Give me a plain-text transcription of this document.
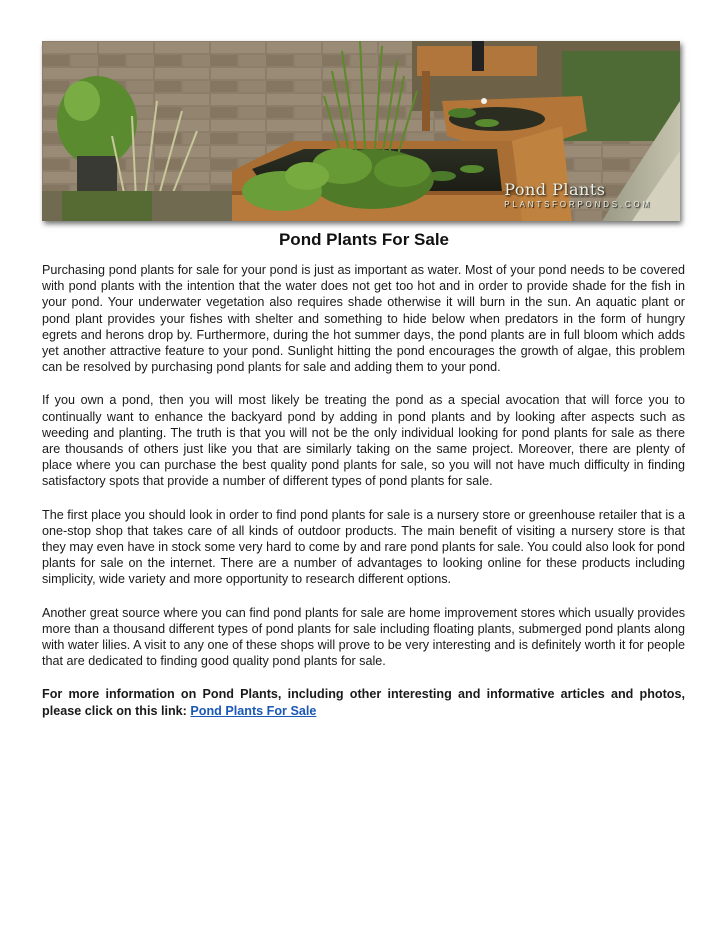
Pond Plants
PLANTSFORPONDS.COM
Pond Plants For Sale

Purchasing pond plants for sale for your pond is just as important as water. Most of your pond needs to be covered with pond plants with the intention that the water does not get too hot and in order to provide shade for the fish in your pond. Your underwater vegetation also requires shade otherwise it will burn in the sun. An aquatic plant or pond plant provides your fishes with shelter and something to hide below when predators in the form of hungry egrets and herons drop by. Furthermore, during the hot summer days, the pond plants are in full bloom which adds yet another attractive feature to your pond. Sunlight hitting the pond encourages the growth of algae, this problem can be resolved by purchasing pond plants for sale and adding them to your pond.

If you own a pond, then you will most likely be treating the pond as a special avocation that will force you to continually want to enhance the backyard pond by adding in pond plants and by looking after aspects such as weeding and planting. The truth is that you will not be the only individual looking for pond plants for sale as there are thousands of others just like you that are similarly taking on the same project. Moreover, there are plenty of place where you can purchase the best quality pond plants for sale, so you will not have much difficulty in finding satisfactory spots that provide a number of different types of pond plants for sale.

The first place you should look in order to find pond plants for sale is a nursery store or greenhouse retailer that is a one-stop shop that takes care of all kinds of outdoor products. The main benefit of visiting a nursery store is that they may even have in stock some very hard to come by and rare pond plants for sale. You could also look for pond plants for sale on the internet. There are a number of advantages to looking online for these products including simplicity, wide variety and more opportunity to research different options.

Another great source where you can find pond plants for sale are home improvement stores which usually provides more than a thousand different types of pond plants for sale including floating plants, submerged pond plants along with water lilies. A visit to any one of these shops will prove to be very interesting and is definitely worth it for people that are dedicated to finding good quality pond plants for sale.

For more information on Pond Plants, including other interesting and informative articles and photos, please click on this link: Pond Plants For Sale
